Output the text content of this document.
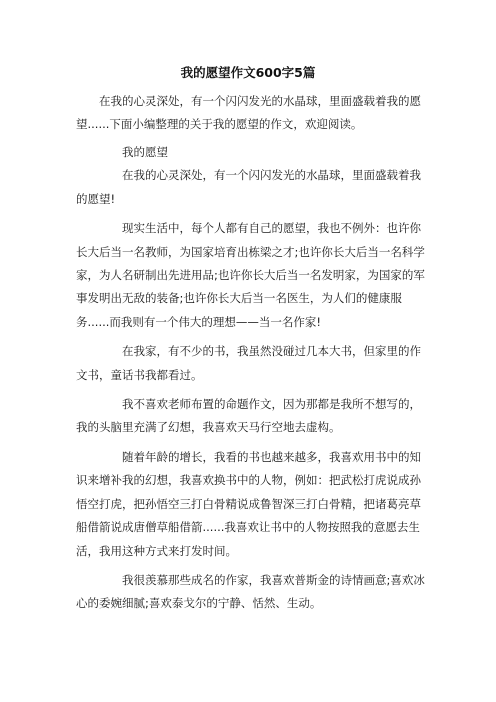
我的愿望作文600字5篇

在我的心灵深处，有一个闪闪发光的水晶球，里面盛载着我的愿望......下面小编整理的关于我的愿望的作文，欢迎阅读。

我的愿望

在我的心灵深处，有一个闪闪发光的水晶球，里面盛载着我的愿望!

现实生活中，每个人都有自己的愿望，我也不例外：也许你长大后当一名教师，为国家培育出栋梁之才;也许你长大后当一名科学家，为人名研制出先进用品;也许你长大后当一名发明家，为国家的军事发明出无敌的装备;也许你长大后当一名医生，为人们的健康服务......而我则有一个伟大的理想——当一名作家!

在我家，有不少的书，我虽然没碰过几本大书，但家里的作文书，童话书我都看过。

我不喜欢老师布置的命题作文，因为那都是我所不想写的，我的头脑里充满了幻想，我喜欢天马行空地去虚构。

随着年龄的增长，我看的书也越来越多，我喜欢用书中的知识来增补我的幻想，我喜欢换书中的人物，例如：把武松打虎说成孙悟空打虎，把孙悟空三打白骨精说成鲁智深三打白骨精，把诸葛亮草船借箭说成唐僧草船借箭......我喜欢让书中的人物按照我的意愿去生活，我用这种方式来打发时间。

我很羡慕那些成名的作家，我喜欢普斯金的诗情画意;喜欢冰心的委婉细腻;喜欢泰戈尔的宁静、恬然、生动。
